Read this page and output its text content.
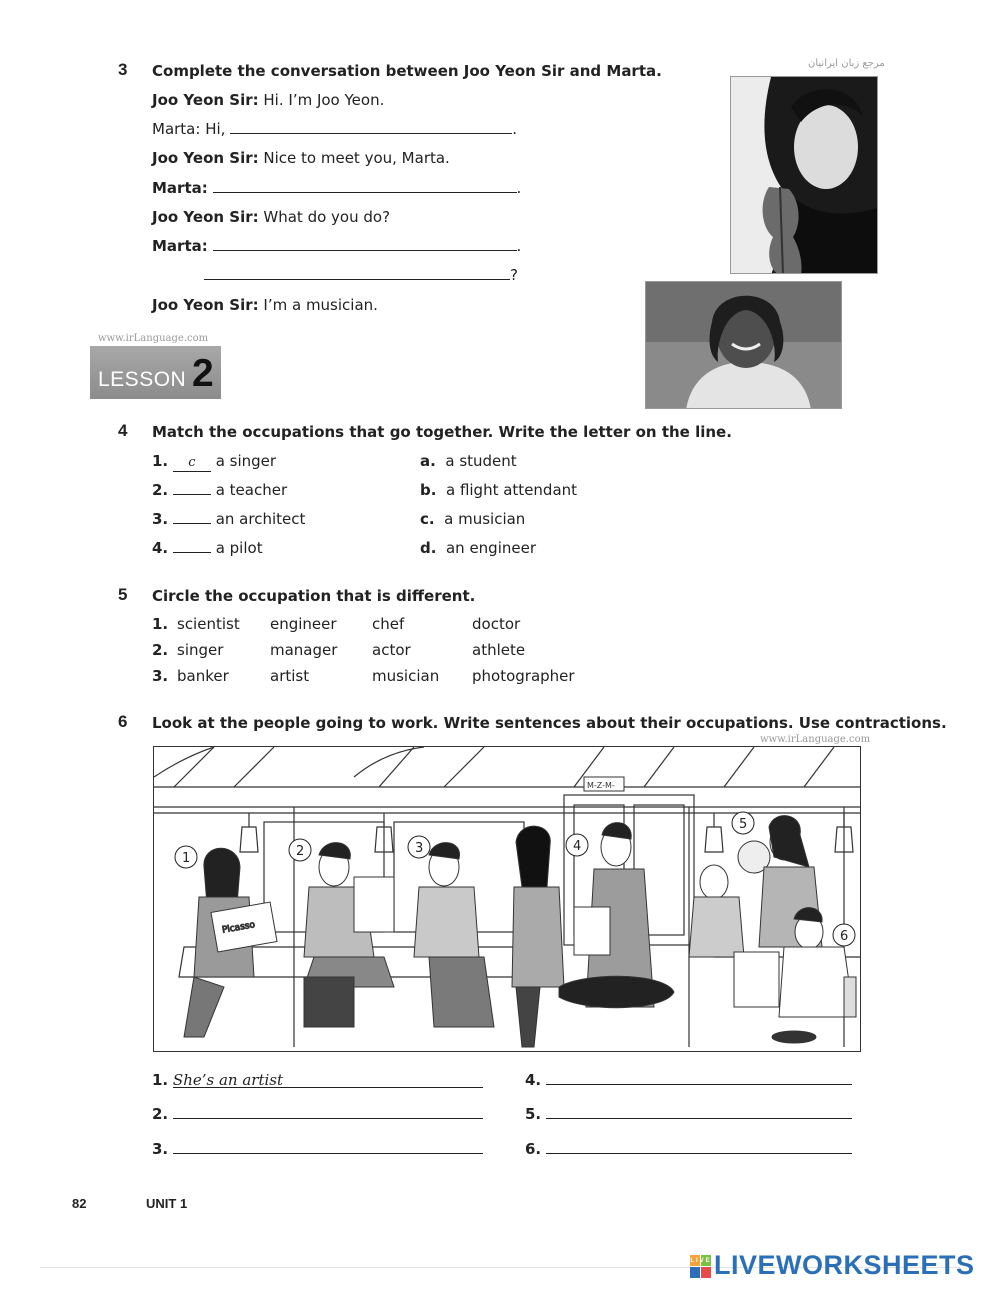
3 Complete the conversation between Joo Yeon Sir and Marta.
Joo Yeon Sir: Hi. I’m Joo Yeon.
Marta: Hi,	.
Joo Yeon Sir: Nice to meet you, Marta.
Marta:	.
Joo Yeon Sir: What do you do?
Marta:	.
?
Joo Yeon Sir: I’m a musician.
مرجع زبان ایرانیان
www.irLanguage.com
LESSON 2
4 Match the occupations that go together. Write the letter on the line.
1. c a singer
2.	a teacher
3.	an architect
4.	a pilot
a. a student
b. a flight attendant
c. a musician
d. an engineer
5 Circle the occupation that is different.
1. scientist engineer chef	doctor
2. singer	manager actor	athlete
3. banker	artist	musician photographer
6 Look at the people going to work. Write sentences about their occupations. Use contractions.
www.irLanguage.com
M-Z-M-
Picasso
1	2	3	4
5
6
1. She’s an artist
2.
3.
4.
5.
6.
82	UNIT 1
LIVE LIVEWORKSHEETS
